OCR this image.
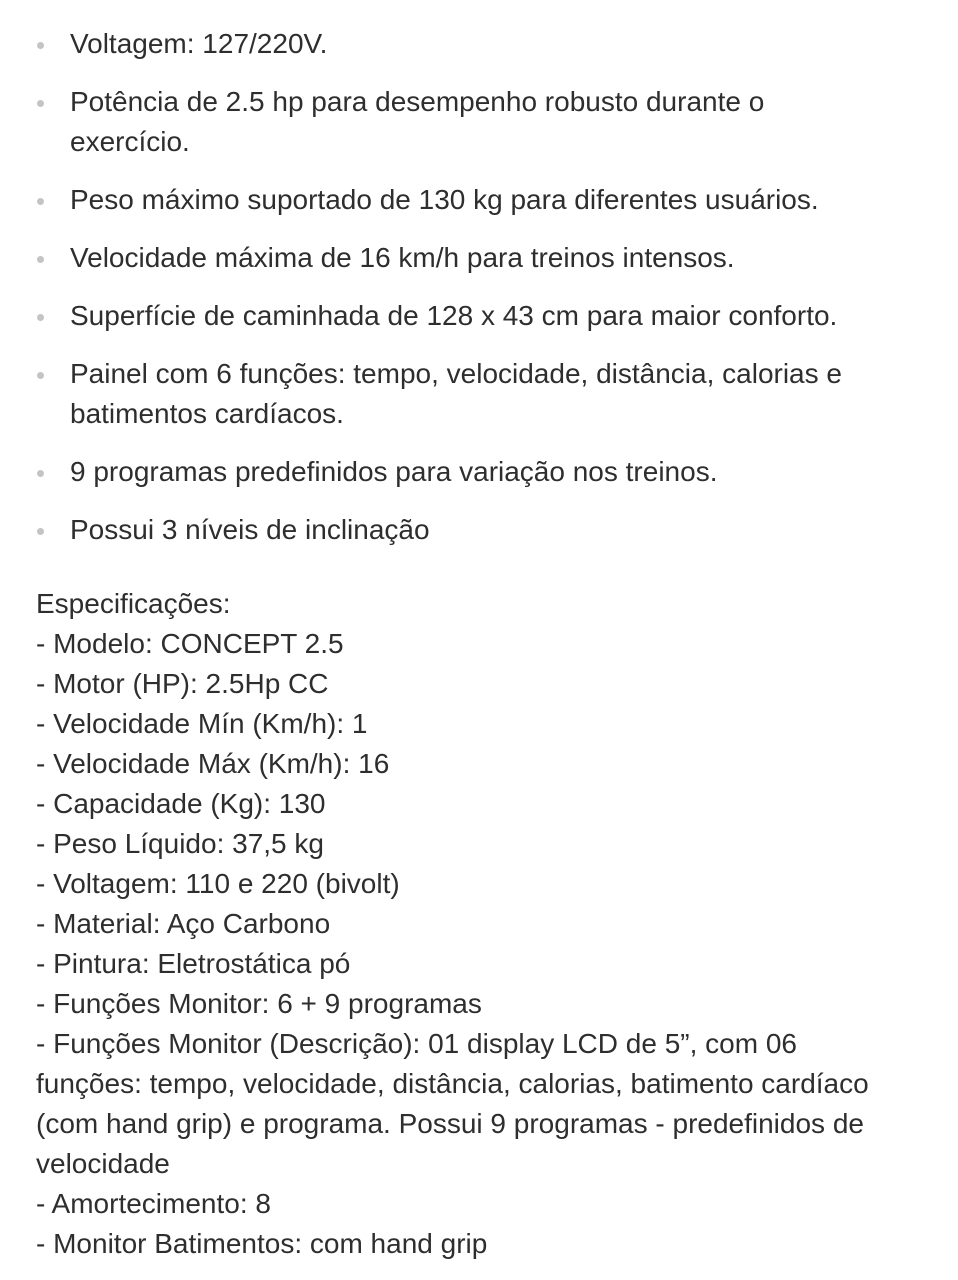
Voltagem: 127/220V.
Potência de 2.5 hp para desempenho robusto durante o exercício.
Peso máximo suportado de 130 kg para diferentes usuários.
Velocidade máxima de 16 km/h para treinos intensos.
Superfície de caminhada de 128 x 43 cm para maior conforto.
Painel com 6 funções: tempo, velocidade, distância, calorias e batimentos cardíacos.
9 programas predefinidos para variação nos treinos.
Possui 3 níveis de inclinação
Especificações:
- Modelo: CONCEPT 2.5
- Motor (HP): 2.5Hp CC
- Velocidade Mín (Km/h): 1
- Velocidade Máx (Km/h): 16
- Capacidade (Kg): 130
- Peso Líquido: 37,5 kg
- Voltagem: 110 e 220 (bivolt)
- Material: Aço Carbono
- Pintura: Eletrostática pó
- Funções Monitor: 6 + 9 programas
- Funções Monitor (Descrição): 01 display LCD de 5”, com 06 funções: tempo, velocidade, distância, calorias, batimento cardíaco (com hand grip) e programa. Possui 9 programas - predefinidos de velocidade
- Amortecimento: 8
- Monitor Batimentos: com hand grip
